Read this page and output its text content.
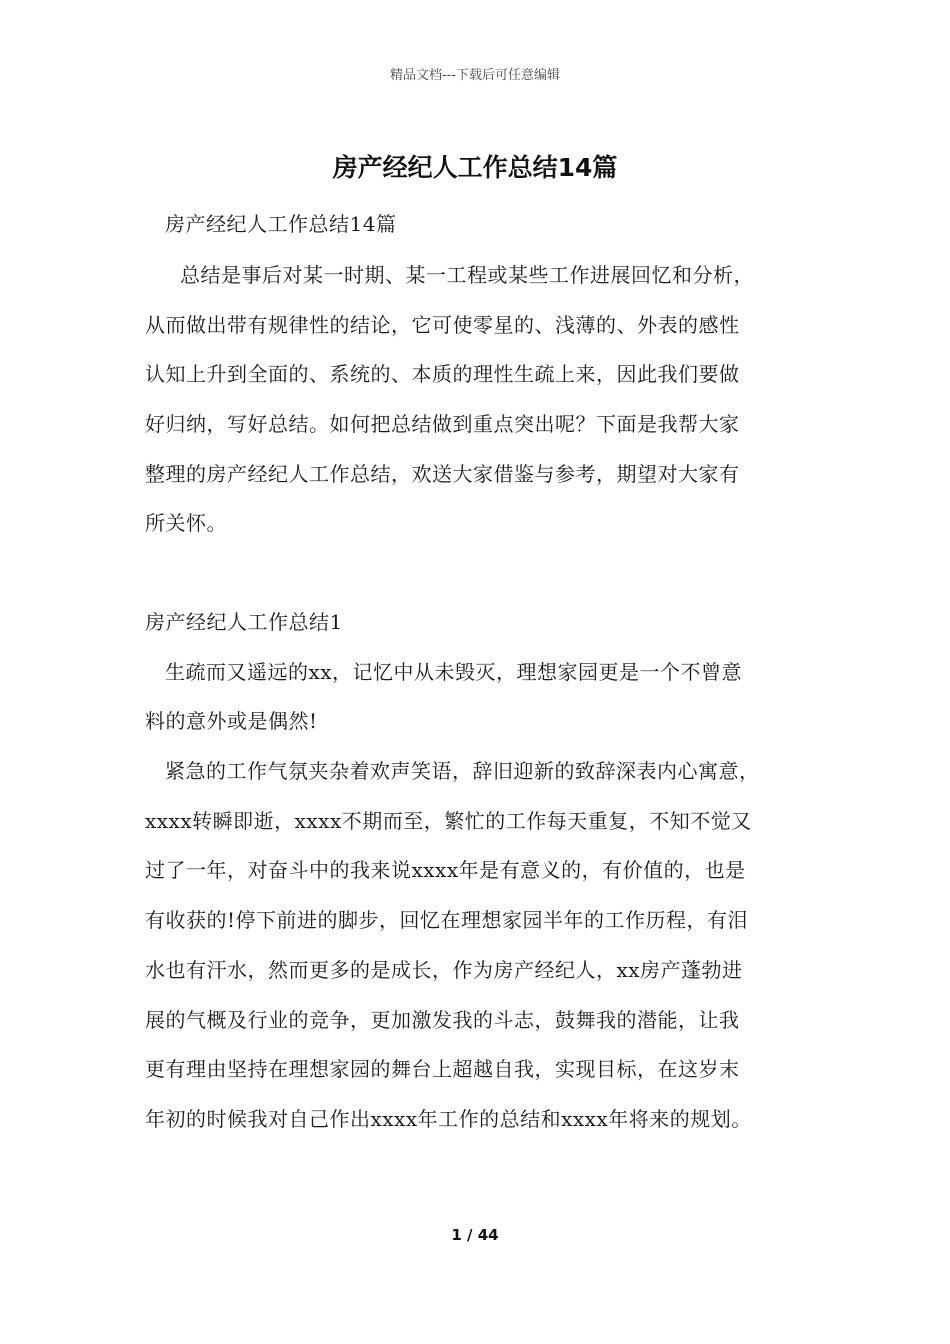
精品文档---下载后可任意编辑
房产经纪人工作总结14篇
房产经纪人工作总结14篇
总结是事后对某一时期、某一工程或某些工作进展回忆和分析，
从而做出带有规律性的结论，它可使零星的、浅薄的、外表的感性
认知上升到全面的、系统的、本质的理性生疏上来，因此我们要做
好归纳，写好总结。如何把总结做到重点突出呢？下面是我帮大家
整理的房产经纪人工作总结，欢送大家借鉴与参考，期望对大家有
所关怀。
房产经纪人工作总结1
生疏而又遥远的xx，记忆中从未毁灭，理想家园更是一个不曾意
料的意外或是偶然!
紧急的工作气氛夹杂着欢声笑语，辞旧迎新的致辞深表内心寓意，
xxxx转瞬即逝，xxxx不期而至，繁忙的工作每天重复，不知不觉又
过了一年，对奋斗中的我来说xxxx年是有意义的，有价值的，也是
有收获的!停下前进的脚步，回忆在理想家园半年的工作历程，有泪
水也有汗水，然而更多的是成长，作为房产经纪人，xx房产蓬勃进
展的气概及行业的竞争，更加激发我的斗志，鼓舞我的潜能，让我
更有理由坚持在理想家园的舞台上超越自我，实现目标，在这岁末
年初的时候我对自己作出xxxx年工作的总结和xxxx年将来的规划。
1 / 44
